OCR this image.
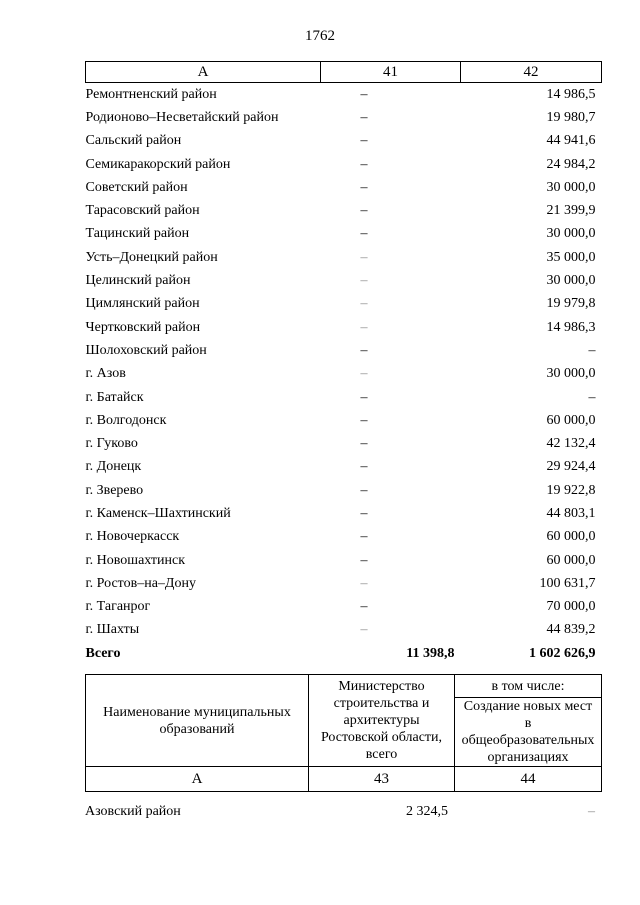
1762
А	41	42
Ремонтненский район	–	14 986,5
Родионово–Несветайский район	–	19 980,7
Сальский район	–	44 941,6
Семикаракорский район	–	24 984,2
Советский район	–	30 000,0
Тарасовский район	–	21 399,9
Тацинский район	–	30 000,0
Усть–Донецкий район	–	35 000,0
Целинский район	–	30 000,0
Цимлянский район	–	19 979,8
Чертковский район	–	14 986,3
Шолоховский район	–	–
г. Азов	–	30 000,0
г. Батайск	–	–
г. Волгодонск	–	60 000,0
г. Гуково	–	42 132,4
г. Донецк	–	29 924,4
г. Зверево	–	19 922,8
г. Каменск–Шахтинский	–	44 803,1
г. Новочеркасск	–	60 000,0
г. Новошахтинск	–	60 000,0
г. Ростов–на–Дону	–	100 631,7
г. Таганрог	–	70 000,0
г. Шахты	–	44 839,2
Всего	11 398,8	1 602 626,9
Наименование муниципальных образований	Министерство строительства и архитектуры Ростовской области, всего	в том числе:
		Создание новых мест в общеобразовательных организациях
А	43	44
Азовский район	2 324,5	–
